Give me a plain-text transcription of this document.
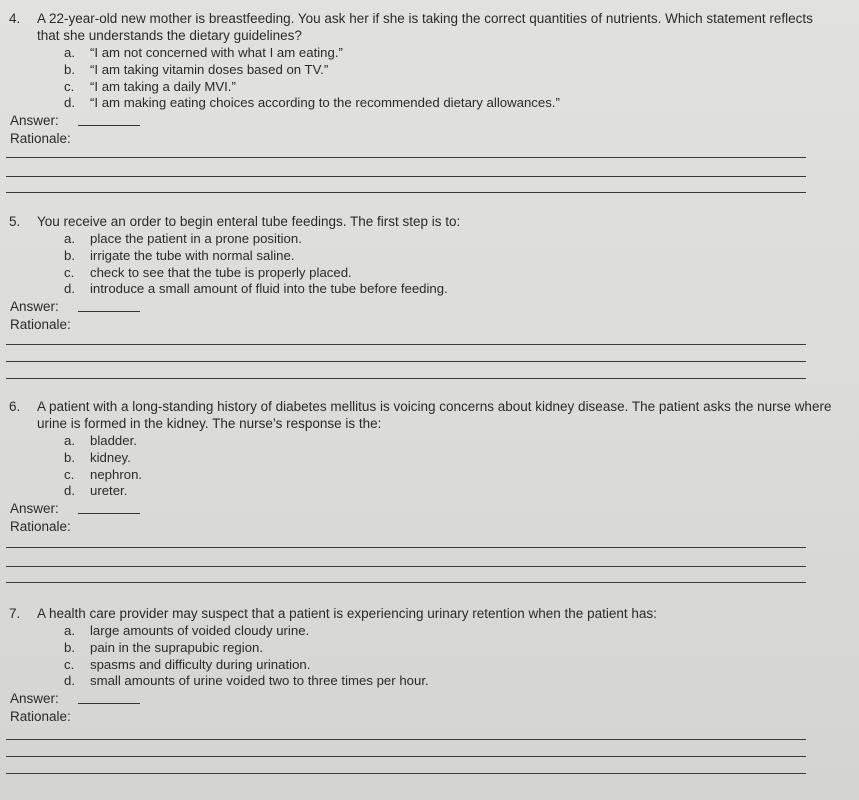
4. A 22-year-old new mother is breastfeeding. You ask her if she is taking the correct quantities of nutrients. Which statement reflects that she understands the dietary guidelines?
a. “I am not concerned with what I am eating.”
b. “I am taking vitamin doses based on TV.”
c. “I am taking a daily MVI.”
d. “I am making eating choices according to the recommended dietary allowances.”
Answer:
Rationale:
5. You receive an order to begin enteral tube feedings. The first step is to:
a. place the patient in a prone position.
b. irrigate the tube with normal saline.
c. check to see that the tube is properly placed.
d. introduce a small amount of fluid into the tube before feeding.
Answer:
Rationale:
6. A patient with a long-standing history of diabetes mellitus is voicing concerns about kidney disease. The patient asks the nurse where urine is formed in the kidney. The nurse’s response is the:
a. bladder.
b. kidney.
c. nephron.
d. ureter.
Answer:
Rationale:
7. A health care provider may suspect that a patient is experiencing urinary retention when the patient has:
a. large amounts of voided cloudy urine.
b. pain in the suprapubic region.
c. spasms and difficulty during urination.
d. small amounts of urine voided two to three times per hour.
Answer:
Rationale:
